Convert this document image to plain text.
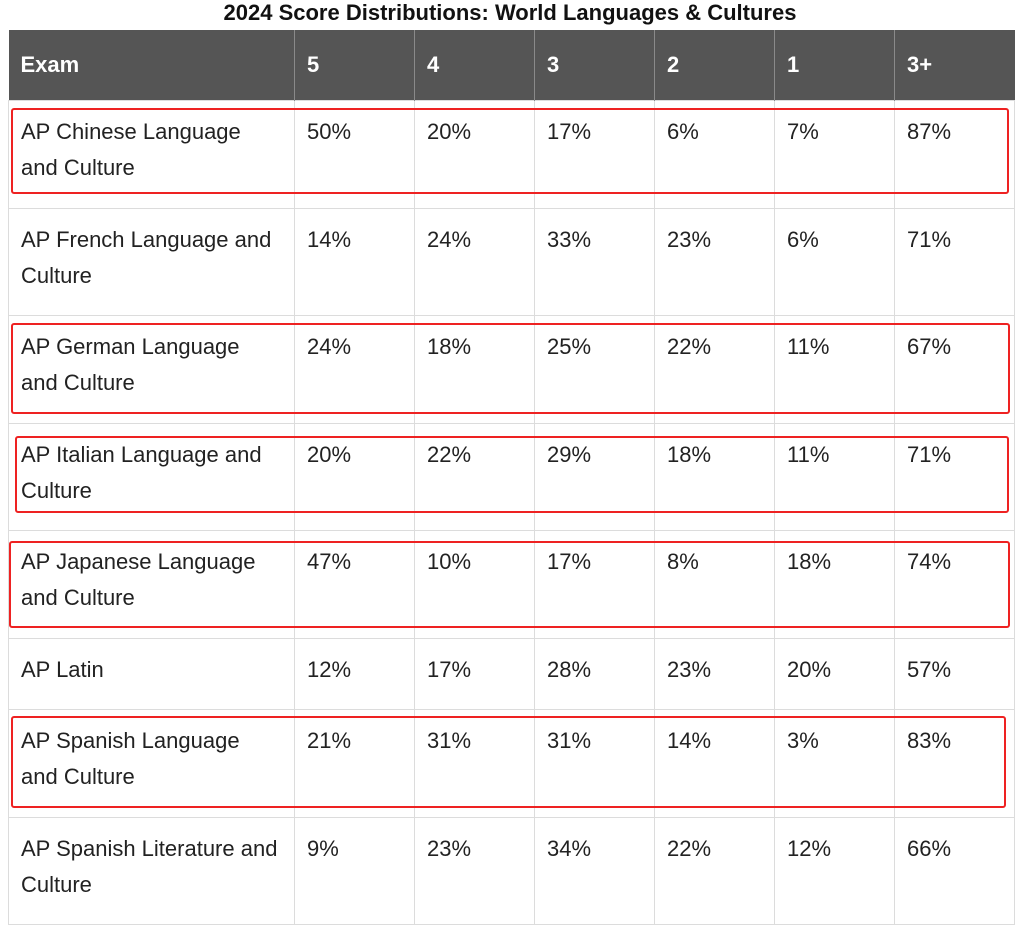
2024 Score Distributions: World Languages & Cultures
Exam	5	4	3	2	1	3+
AP Chinese Language and Culture	50%	20%	17%	6%	7%	87%
AP French Language and Culture	14%	24%	33%	23%	6%	71%
AP German Language and Culture	24%	18%	25%	22%	11%	67%
AP Italian Language and Culture	20%	22%	29%	18%	11%	71%
AP Japanese Language and Culture	47%	10%	17%	8%	18%	74%
AP Latin	12%	17%	28%	23%	20%	57%
AP Spanish Language and Culture	21%	31%	31%	14%	3%	83%
AP Spanish Literature and Culture	9%	23%	34%	22%	12%	66%
